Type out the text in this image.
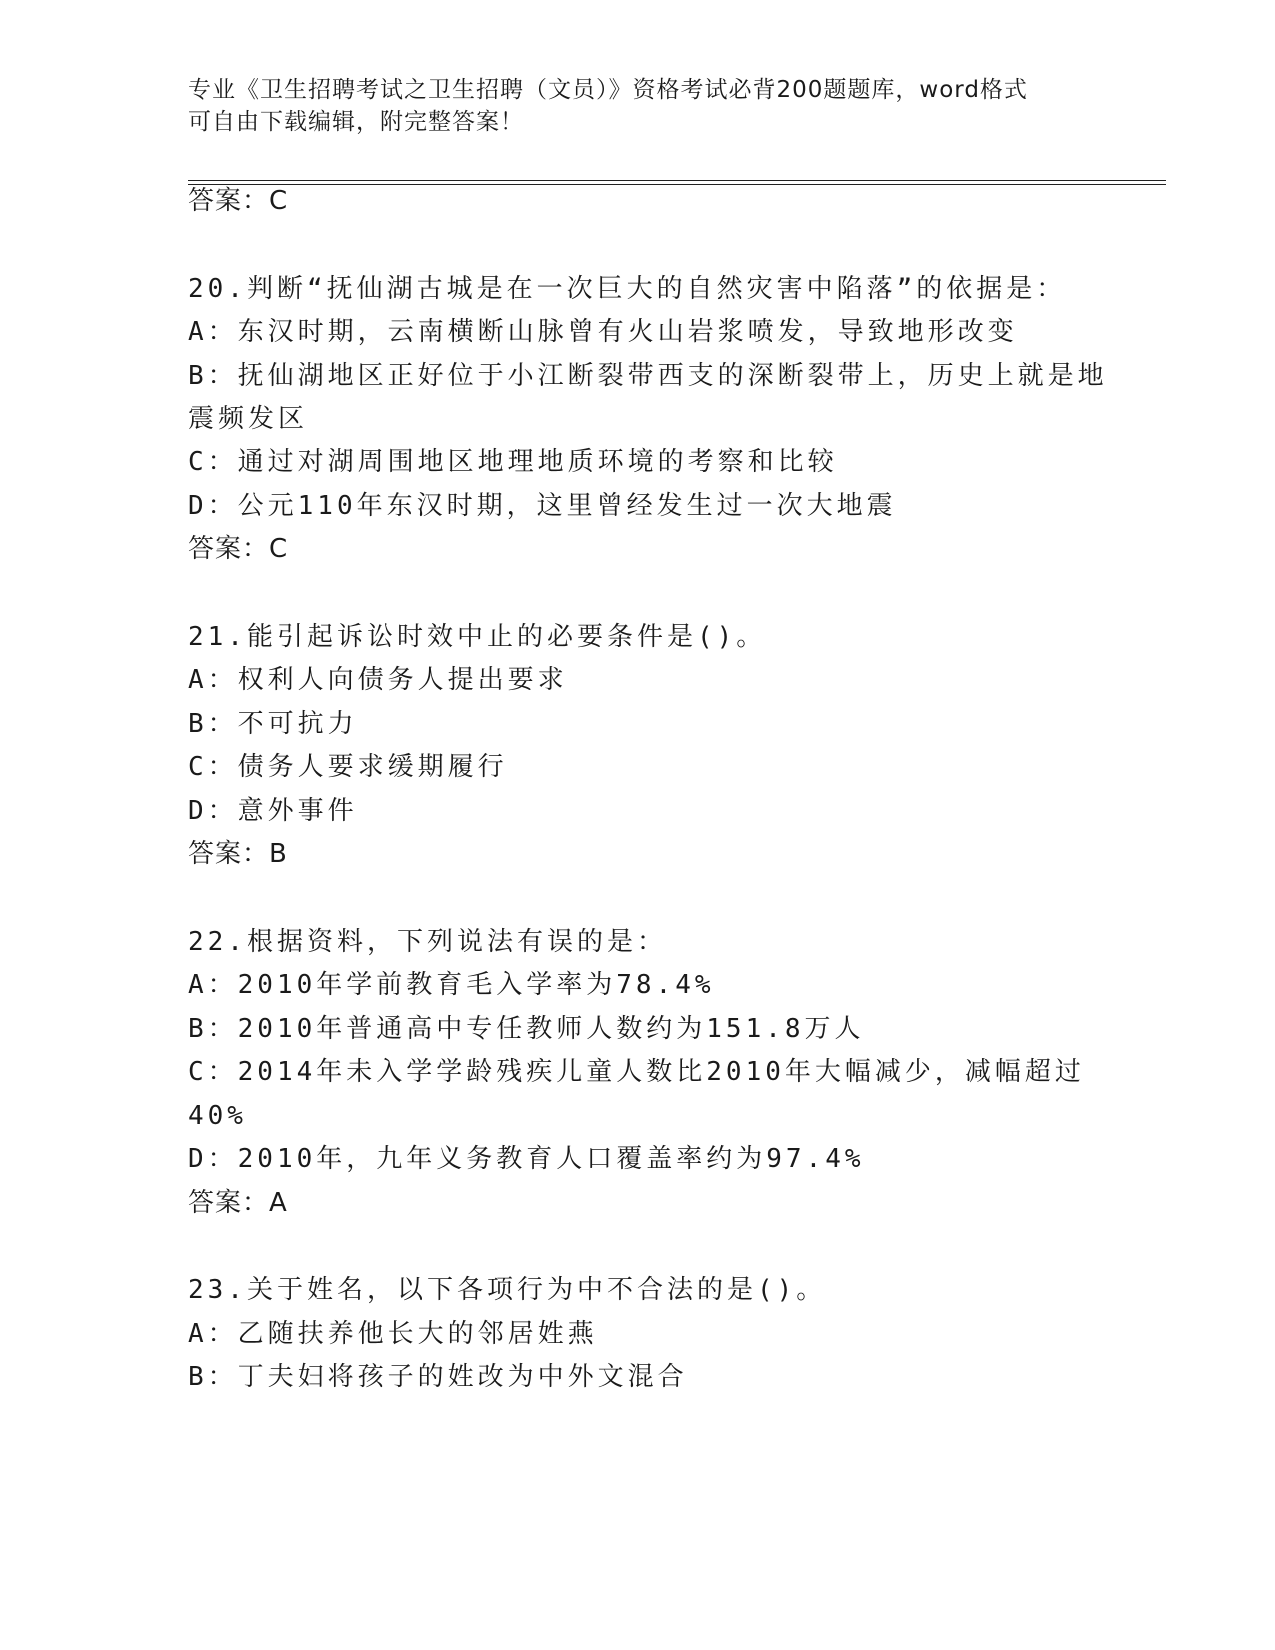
专业《卫生招聘考试之卫生招聘（文员）》资格考试必背200题题库，word格式
可自由下载编辑，附完整答案！
答案：C
20.判断“抚仙湖古城是在一次巨大的自然灾害中陷落”的依据是：
A：东汉时期，云南横断山脉曾有火山岩浆喷发，导致地形改变
B：抚仙湖地区正好位于小江断裂带西支的深断裂带上，历史上就是地
震频发区
C：通过对湖周围地区地理地质环境的考察和比较
D：公元110年东汉时期，这里曾经发生过一次大地震
答案：C
21.能引起诉讼时效中止的必要条件是()。
A：权利人向债务人提出要求
B：不可抗力
C：债务人要求缓期履行
D：意外事件
答案：B
22.根据资料，下列说法有误的是：
A：2010年学前教育毛入学率为78.4%
B：2010年普通高中专任教师人数约为151.8万人
C：2014年未入学学龄残疾儿童人数比2010年大幅减少，减幅超过
40%
D：2010年，九年义务教育人口覆盖率约为97.4%
答案：A
23.关于姓名，以下各项行为中不合法的是()。
A：乙随扶养他长大的邻居姓燕
B：丁夫妇将孩子的姓改为中外文混合
